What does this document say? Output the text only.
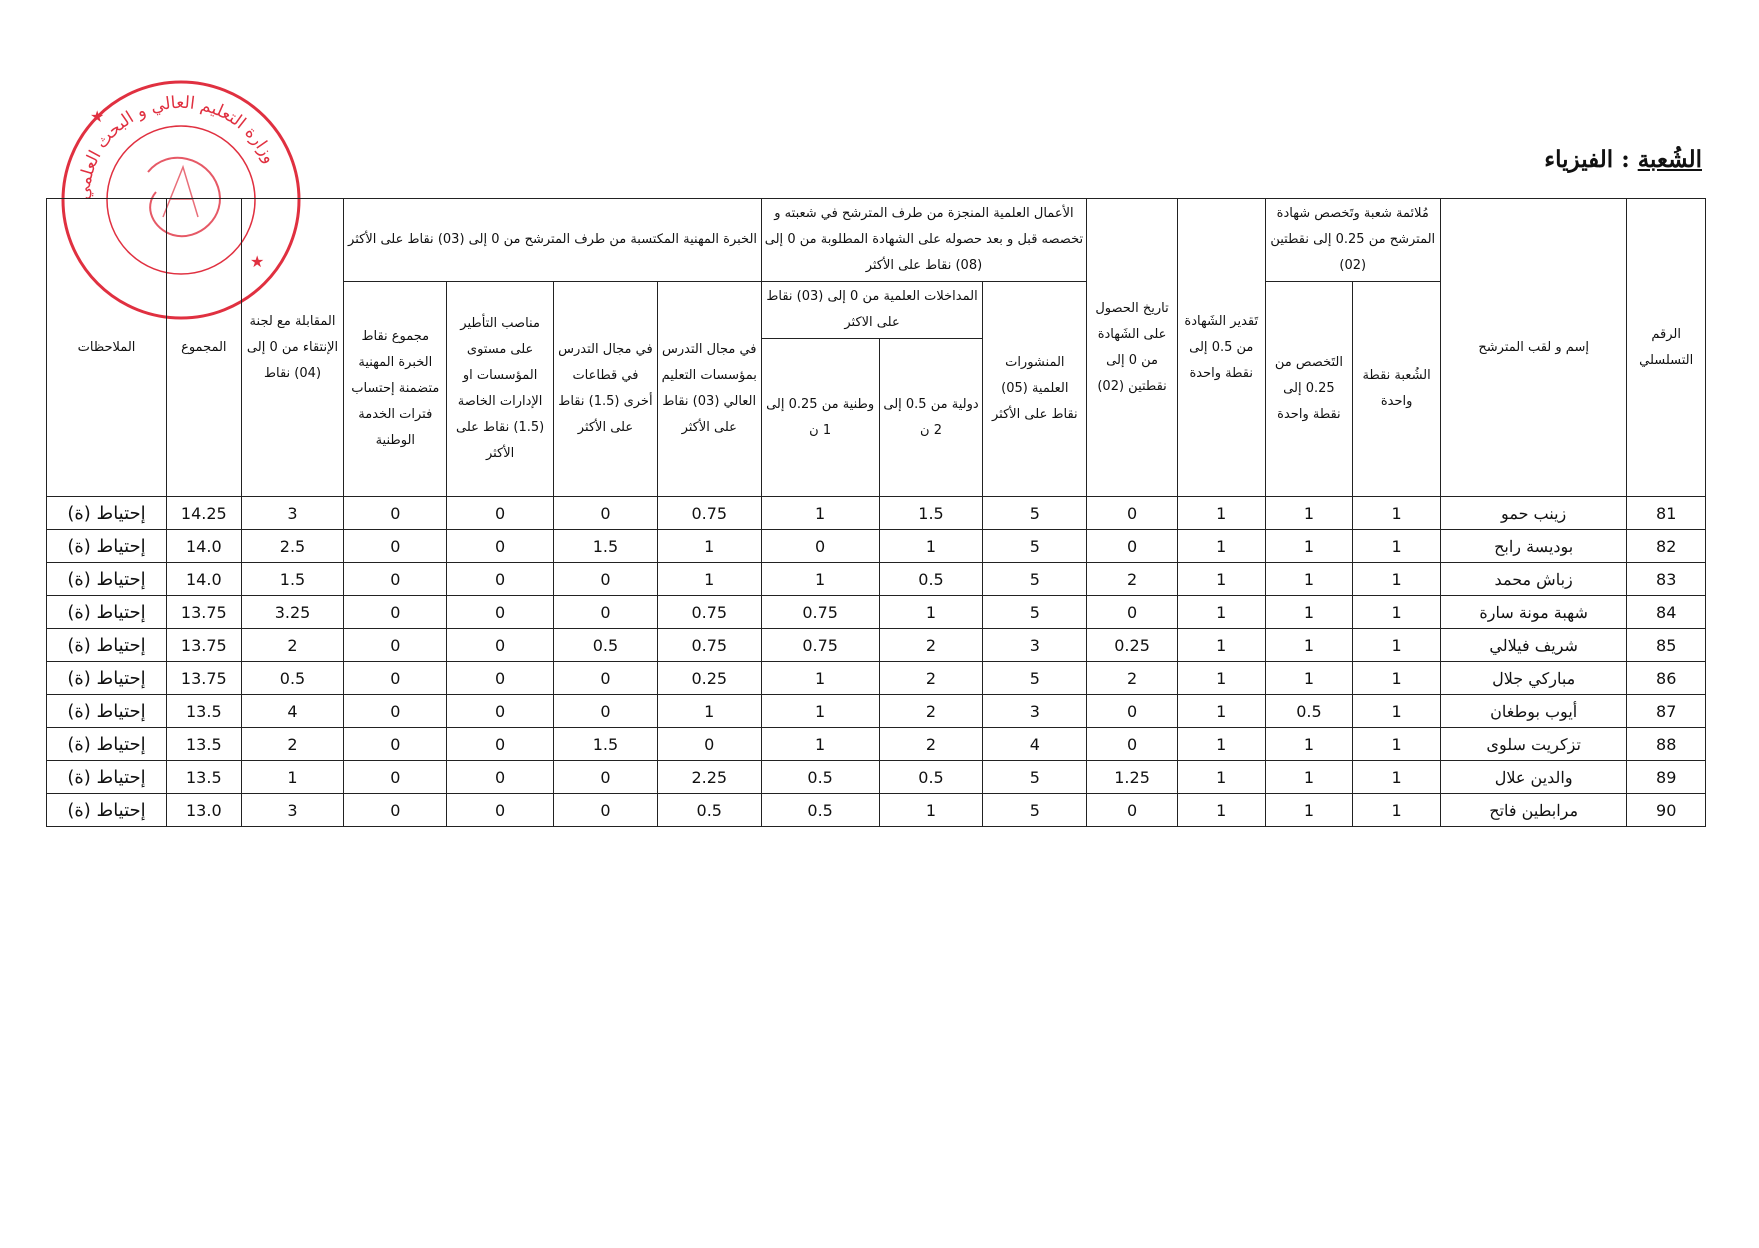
الشُعبة : الفيزياء
وزارة التعليم العالي و البحث العلمي
★
★
الرقم التسلسلي	إسم و لقب المترشح	مُلائمة شعبة وتَخصص شهادة المترشح من 0.25 إلى نقطتين (02)		تَقدير الشَهادة من 0.5 إلى نقطة واحدة	تاريخ الحصول على الشَهادة من 0 إلى نقطتين (02)	الأعمال العلمية المنجزة من طرف المترشح في شعبته و تخصصه قبل و بعد حصوله على الشهادة المطلوبة من 0 إلى (08) نقاط على الأكثر			الخبرة المهنية المكتسبة من طرف المترشح من 0 إلى (03) نقاط على الأكثر				المقابلة مع لجنة الإنتقاء من 0 إلى (04) نقاط	المجموع	الملاحظات
		الشُعبة نقطة واحدة	التَخصص من 0.25 إلى نقطة واحدة			المنشورات العلمية (05) نقاط على الأكثر	المداخلات العلمية من 0 إلى (03) نقاط على الاكثر		في مجال التدرس بمؤسسات التعليم العالي (03) نقاط على الأكثر	في مجال التدرس في قطاعات أخرى (1.5) نقاط على الأكثر	مناصب التأطير على مستوى المؤسسات او الإدارات الخاصة (1.5) نقاط على الأكثر	مجموع نقاط الخبرة المهنية متضمنة إحتساب فترات الخدمة الوطنية			
							دولية من 0.5 إلى 2 ن	وطنية من 0.25 إلى 1 ن							
81	زينب حمو	1	1	1	0	5	1.5	1	0.75	0	0	0	3	14.25	إحتياط (ة)
82	بوديسة رابح	1	1	1	0	5	1	0	1	1.5	0	0	2.5	14.0	إحتياط (ة)
83	زباش محمد	1	1	1	2	5	0.5	1	1	0	0	0	1.5	14.0	إحتياط (ة)
84	شهبة مونة سارة	1	1	1	0	5	1	0.75	0.75	0	0	0	3.25	13.75	إحتياط (ة)
85	شريف فيلالي	1	1	1	0.25	3	2	0.75	0.75	0.5	0	0	2	13.75	إحتياط (ة)
86	مباركي جلال	1	1	1	2	5	2	1	0.25	0	0	0	0.5	13.75	إحتياط (ة)
87	أيوب بوطغان	1	0.5	1	0	3	2	1	1	0	0	0	4	13.5	إحتياط (ة)
88	تزكريت سلوى	1	1	1	0	4	2	1	0	1.5	0	0	2	13.5	إحتياط (ة)
89	والدين علال	1	1	1	1.25	5	0.5	0.5	2.25	0	0	0	1	13.5	إحتياط (ة)
90	مرابطين فاتح	1	1	1	0	5	1	0.5	0.5	0	0	0	3	13.0	إحتياط (ة)
